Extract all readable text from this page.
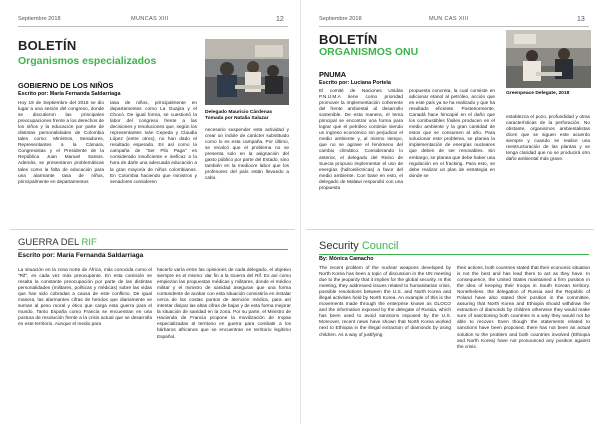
Septiembre 2018	MUNCAS XIII	12
BOLETÍN
Organismos especializados
GOBIERNO DE LOS NIÑOS
Escrito por: María Fernanda Saldarriaga

Hoy 19 de Septiembre del 2018 se dio lugar a una sesión del congreso, donde se discutieron las principales preocupaciones frente a los derechos de los niños y la educación por parte de distintas personalidades de Colombia tales como: Ministros, Senadores, Representantes a la Cámara, Congresistas y el Presidente de la República Juan Manuel Santos. Además, se presentaron problemáticas tales como la falta de educación para una alarmante tasa de niños, principalmente en departamentos

tasa de niños, principalmente en departamentos como La Guajira y el Chocó. De igual forma, se cuestionó la labor del congreso frente a las decisiones y resoluciones que, según los representantes Iván Cepeda y Claudia López (entre otros), no han dado el resultado esperado. Es así como la campaña de "Ser Pilo Paga" es considerado insuficiente e ineficaz a la hora de darle una adecuada educación a la gran mayoría de niños colombianos. En Colombia haciendo que ministros y senadores consideren

Delegado Mauricio Cárdenas Tomada por Natalia Salazar

necesario suspender esta actividad y crear un índole de carácter substituido como lo es esta campaña. Por último, se recalcó que el problema no se presenta solo en la asignación del gasto público por parte del Estado, sino también en la mediocre labor que los profesores del país están llevando a cabo.

GUERRA DEL RIF
Escrito por: María Fernanda Saldarriaga

La situación en la zona norte de África, más conocida como el "Rif", es cada vez más preocupante. En esta comisión se resalta la constante preocupación por parte de las distintas personalidades (militares, políticas y médicas) sobre las vidas que han sido cobradas a causa de este conflicto. De igual manera, las alarmantes cifras de heridos que diariamente se suman al peso moral y ético que carga esta guerra para el mundo. Tanto España como Francia se encuentran en una postura de resolución frente a la crisis actual que se desarrolla en este territorio. Aunque el medio para

hacerlo varía entre las opiniones de cada delegado, el objetivo siempre es el mismo: dar fin a la Guerra del Rif. Es así como empiezan las propuestas médicas y militares, donde el médico militar y el ministro de sanidad aseguran que una forma contundente de acabar con esta situación consistiría en instalar cerca de las costas puntos de atención médica, para así intentar disipar las altas cifras de bajas y de esta forma mejorar la situación de sanidad en la zona. Por su parte, el Ministro de Hacienda de Francia propone la movilización de tropas especializadas al territorio en guerra para combatir a los bárbaros africanos que se encuentran en territorio legítimo Español.

Septiembre 2018	MUN CAS XIII	13
BOLETÍN
ORGANISMOS ONU
PNUMA
Escrito por: Luciana Portela

El comité de Naciones Unidas P.N.U.M.A tiene como prioridad promover la implementación coherente del frente ambiental al desarrollo sostenible. De esta manera, el tema principal se encontrar una forma para lograr que el petróleo continúe siendo un ingreso económico sin perjudicar el medio ambiente y, al mismo tiempo, que no se agrave el fenómeno del cambio climático. Considerando lo anterior, el delegado del Reino de Suecia propuso implementar el uso de energías (hidroeléctricas) a favor del medio ambiente. Con base en esto, el delegado de Malawi respondió con una propuesta

propuesta concreta, la cual consiste en adicionar etanol al petróleo, acción que en este país ya se ha realizado y que ha resultado eficiente. Posteriormente, Canadá hace hincapié en el daño que los combustibles fósiles producen en el medio ambiente y la gran cantidad de estos que se consumen al año. Para solucionar este problema, se planea la implementación de energías nucleares que deben de ser renovables. Sin embargo, se planea que debe haber una regulación en el fracking. Para esto, se debe realizar un plan de estrategia en donde se

Greenpeace Delegate, 2018

establezca el pozo, profundidad y otras características de la perforación. No obstante, organismos ambientalistas dicen que se siguen este acuerdo siempre y cuando se realice una reestructuración de las plantas y se tenga claridad que no se producirá otro daño ambiental más grave.

Security Council
By: Mónica Camacho

The recent problem of the nuclear weapons developed by North Korea has been a topic of discussion in the UN meeting due to the jeopardy that it implies for the global security. In this meeting, they addressed issues related to humanitarian crisis, possible resolutions between the U.S. and North Korea and illegal activities held by North Korea. An example of this is the movements made through the enterprise known as GLOCO and the information exposed by the delegate of Russia, which has been used to avoid sanctions imposed by the U.S. Moreover, recent news have shown that North Korea worked next to Ethiopia in the illegal extraction of diamonds by using children. As a way of justifying

their actions, both countries stated that their economic situation is not the best and has lead them to act as they have. In consequence, the United States maintained a firm position in the idea of keeping their troops in South Korean territory. Nonetheless, the delegation of Russia and the Republic of Poland have also stated their position in the committee, assuring that North Korea and Ethiopia should withdraw the extraction of diamonds by children otherwise they would make sure of sanctioning both countries in a way they would not be able to recover. Even though the statements related to sanctions have been proposed, there has not been an actual solution to the problem and both countries involved (Ethiopia and North Korea) have not pronounced any position against the crisis.
